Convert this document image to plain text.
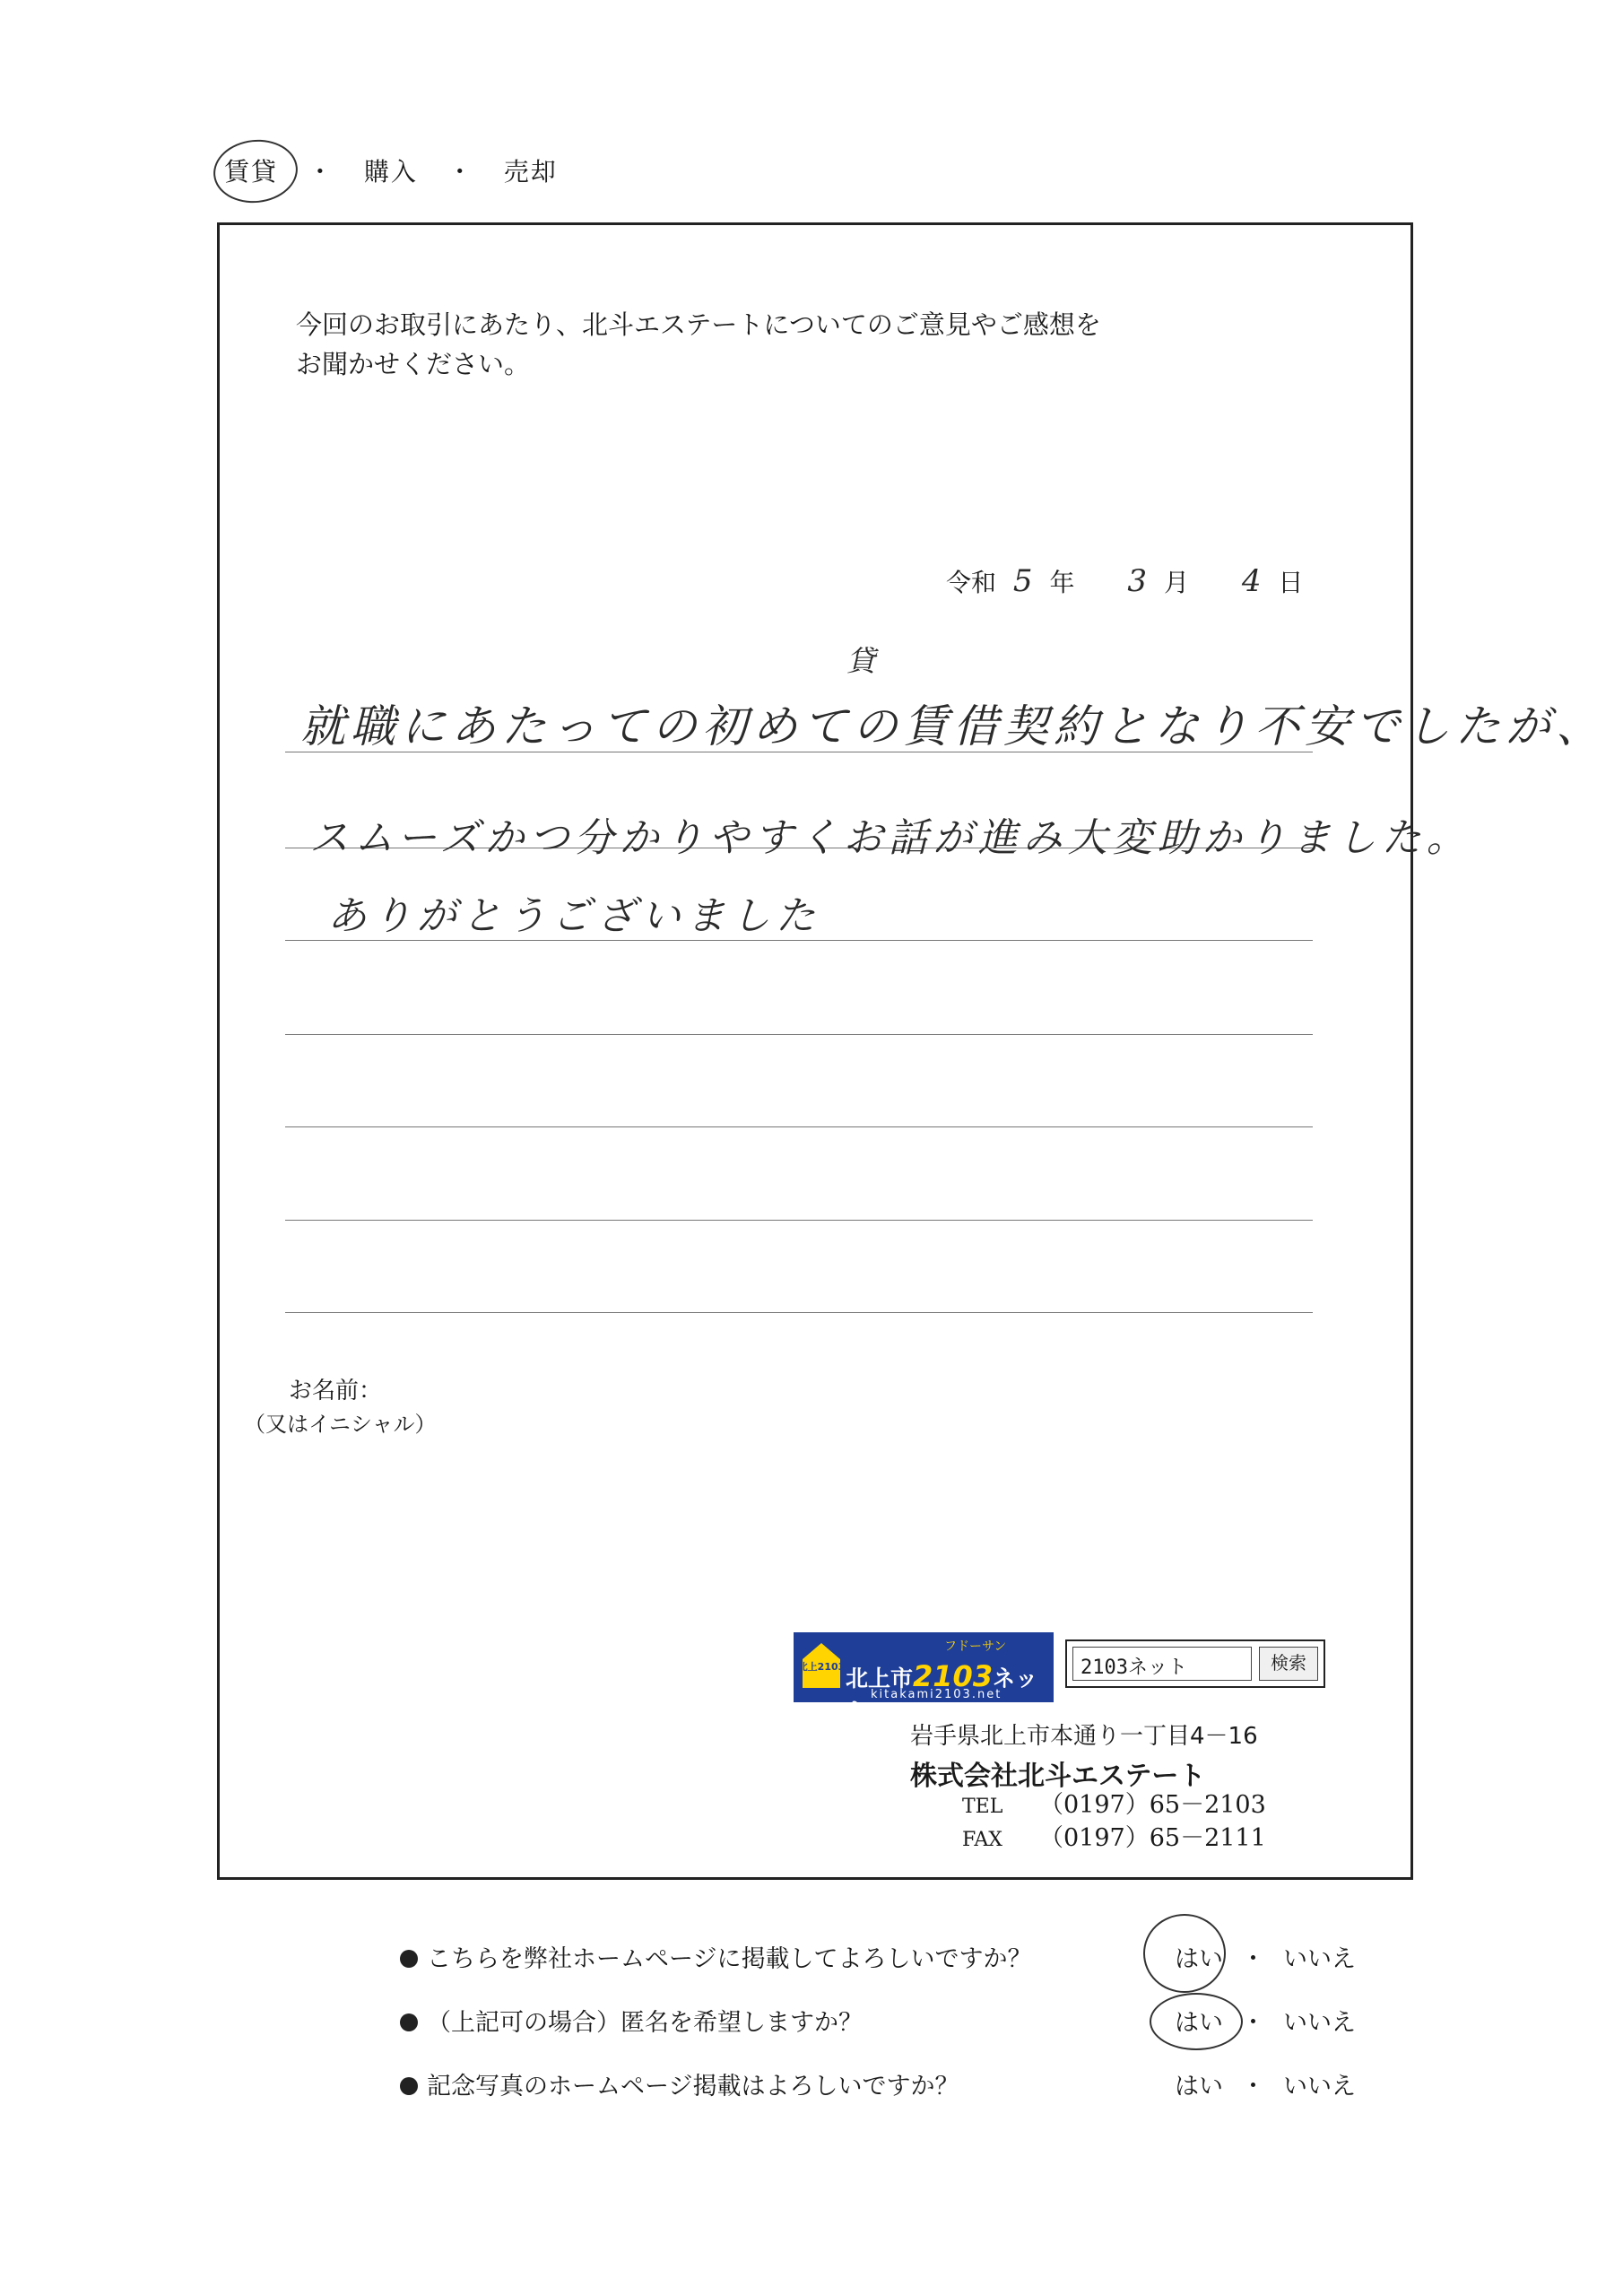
賃貸 ・ 購入 ・ 売却
今回のお取引にあたり、北斗エステートについてのご意見やご感想を
お聞かせください。
令和 5 年 3 月 4 日
貸
就職にあたっての初めての賃借契約となり不安でしたが、
スムーズかつ分かりやすくお話が進み大変助かりました。
ありがとうございました
お名前：
（又はイニシャル）
北上2103
フドーサン
北上市2103ネット
kitakami2103.net
2103ネット	検索
岩手県北上市本通り一丁目4－16
株式会社北斗エステート
TEL （0197）65－2103
FAX （0197）65－2111
こちらを弊社ホームページに掲載してよろしいですか？	はい ・ いいえ
（上記可の場合）匿名を希望しますか？	はい ・ いいえ
記念写真のホームページ掲載はよろしいですか？	はい ・ いいえ
